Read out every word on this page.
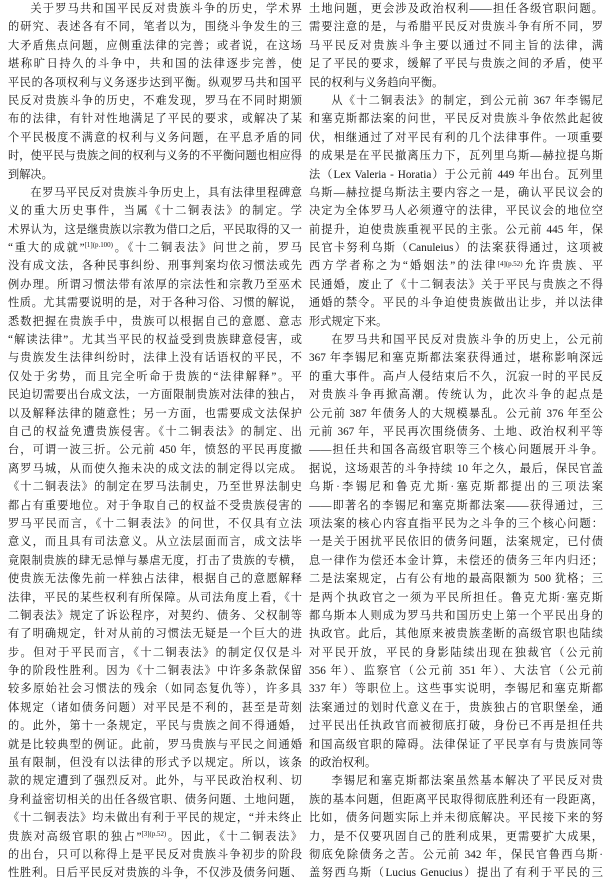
关于罗马共和国平民反对贵族斗争的历史，学术界
的研究、表述各有不同，笔者以为，围绕斗争发生的三
大矛盾焦点问题，应侧重法律的完善；或者说，在这场
堪称旷日持久的斗争中，共和国的法律逐步完善，使
平民的各项权利与义务逐步达到平衡。纵观罗马共和国平
民反对贵族斗争的历史，不难发现，罗马在不同时期颁
布的法律，有针对性地满足了平民的要求，或解决了某
个平民极度不满意的权利与义务问题，在平息矛盾的同
时，使平民与贵族之间的权利与义务的不平衡问题也相应得
到解决。
在罗马平民反对贵族斗争历史上，具有法律里程碑意
义的重大历史事件，当属《十二铜表法》的制定。学
术界认为，这是继贵族以宗教为借口之后，平民取得的又一
“重大的成就”$^{[1](p.100)}$。《十二铜表法》问世之前，罗马
没有成文法，各种民事纠纷、刑事判案均依习惯法或先
例办理。所谓习惯法带有浓厚的宗法性和宗教乃至巫术
性质。尤其需要说明的是，对于各种习俗、习惯的解说，
悉数把握在贵族手中，贵族可以根据自己的意愿、意志
“解读法律”。尤其当平民的权益受到贵族肆意侵害，或
与贵族发生法律纠纷时，法律上没有话语权的平民，不
仅处于劣势，而且完全听命于贵族的“法律解释”。平
民迫切需要出台成文法，一方面限制贵族对法律的独占，
以及解释法律的随意性；另一方面，也需要成文法保护
自己的权益免遭贵族侵害。《十二铜表法》的制定、出
台，可谓一波三折。公元前 450 年，愤怒的平民再度撤
离罗马城，从而使久拖未决的成文法的制定得以完成。
《十二铜表法》的制定在罗马法制史，乃至世界法制史
都占有重要地位。对于争取自己的权益不受贵族侵害的
罗马平民而言，《十二铜表法》的问世，不仅具有立法
意义，而且具有司法意义。从立法层面而言，成文法毕
竟限制贵族的肆无忌惮与暴虐无度，打击了贵族的专横，
使贵族无法像先前一样独占法律，根据自己的意愿解释
法律，平民的某些权利有所保障。从司法角度上看，《十
二铜表法》规定了诉讼程序，对契约、债务、父权制等
有了明确规定，针对从前的习惯法无疑是一个巨大的进
步。但对于平民而言，《十二铜表法》的制定仅仅是斗
争的阶段性胜利。因为《十二铜表法》中许多条款保留
较多原始社会习惯法的残余（如同态复仇等），许多具
体规定（诸如债务问题）对平民是不利的，甚至是苛刻
的。此外，第十一条规定，平民与贵族之间不得通婚，
就是比较典型的例证。此前，罗马贵族与平民之间通婚
虽有限制，但没有以法律的形式予以规定。所以，该条
款的规定遭到了强烈反对。此外，与平民政治权利、切
身利益密切相关的出任各级官职、债务问题、土地问题，
《十二铜表法》均未做出有利于平民的规定，“并未终止
贵族对高级官职的独占”$^{[3](p.52)}$。因此，《十二铜表法》
的出台，只可以称得上是平民反对贵族斗争初步的阶段
性胜利。日后平民反对贵族的斗争，不仅涉及债务问题、
土地问题，更会涉及政治权利——担任各级官职问题。
需要注意的是，与希腊平民反对贵族斗争有所不同，罗
马平民反对贵族斗争主要以通过不同主旨的法律，满
足了平民的要求，缓解了平民与贵族之间的矛盾，使平
民的权利与义务趋向平衡。
从《十二铜表法》的制定，到公元前 367 年李锡尼
和塞克斯都法案的问世，平民反对贵族斗争依然此起彼
伏，相继通过了对平民有利的几个法律事件。一项重要
的成果是在平民撤离压力下，瓦列里乌斯—赫拉提乌斯
法（Lex Valeria - Horatia）于公元前 449 年出台。瓦列里
乌斯—赫拉提乌斯法主要内容之一是，确认平民议会的
决定为全体罗马人必须遵守的法律，平民议会的地位空
前提升，迫使贵族重视平民的主张。公元前 445 年，保
民官卡努利乌斯（Canuleius）的法案获得通过，这项被
西方学者称之为“婚姻法”的法律$^{[4](p.52)}$允许贵族、平
民通婚，废止了《十二铜表法》关于平民与贵族之不得
通婚的禁令。平民的斗争迫使贵族做出让步，并以法律
形式规定下来。
在罗马共和国平民反对贵族斗争的历史上，公元前
367 年李锡尼和塞克斯都法案获得通过，堪称影响深远
的重大事件。高卢人侵结束后不久，沉寂一时的平民反
对贵族斗争再掀高潮。传统认为，此次斗争的起点是
公元前 387 年债务人的大规模暴乱。公元前 376 年至公
元前 367 年，平民再次围绕债务、土地、政治权利平等
——担任共和国各高级官职等三个核心问题展开斗争。
据说，这场艰苦的斗争持续 10 年之久，最后，保民官盖
乌斯·李锡尼和鲁克尤斯·塞克斯都提出的三项法案
——即著名的李锡尼和塞克斯都法案——获得通过，三
项法案的核心内容直指平民为之斗争的三个核心问题：
一是关于困扰平民依旧的债务问题，法案规定，已付债
息一律作为偿还本金计算，未偿还的债务三年内归还；
二是法案规定，占有公有地的最高限额为 500 犹格；三
是两个执政官之一须为平民所担任。鲁克尤斯·塞克斯
都乌斯本人则成为罗马共和国历史上第一个平民出身的
执政官。此后，其他原来被贵族垄断的高级官职也陆续
对平民开放，平民的身影陆续出现在独裁官（公元前
356 年）、监察官（公元前 351 年）、大法官（公元前
337 年）等职位上。这些事实说明，李锡尼和塞克斯都
法案通过的划时代意义在于，贵族独占的官职堡垒，通
过平民出任执政官而被彻底打破，身份已不再是担任共
和国高级官职的障碍。法律保证了平民享有与贵族同等
的政治权利。
李锡尼和塞克斯都法案虽然基本解决了平民反对贵
族的基本问题，但距离平民取得彻底胜利还有一段距离，
比如，债务问题实际上并未彻底解决。平民接下来的努
力，是不仅要巩固自己的胜利成果，更需要扩大成果，
彻底免除债务之苦。公元前 342 年，保民官鲁西乌斯·
盖努西乌斯（Lucius Genucius）提出了有利于平民的三
